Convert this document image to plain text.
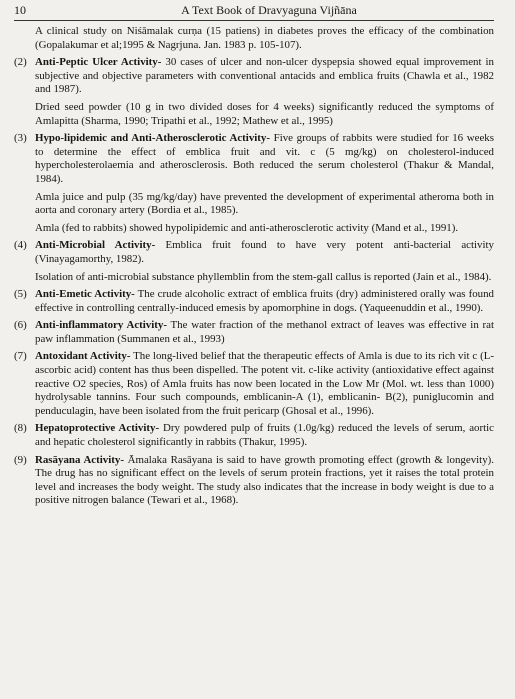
10	A Text Book of Dravyaguna Vijñāna

A clinical study on Niśāmalak curṇa (15 patiens) in diabetes proves the efficacy of the combination (Gopalakumar et al;1995 & Nagrjuna. Jan. 1983 p. 105-107).

(2) Anti-Peptic Ulcer Activity- 30 cases of ulcer and non-ulcer dyspepsia showed equal improvement in subjective and objective parameters with conventional antacids and emblica fruits (Chawla et al., 1982 and 1987).

Dried seed powder (10 g in two divided doses for 4 weeks) significantly reduced the symptoms of Amlapitta (Sharma, 1990; Tripathi et al., 1992; Mathew et al., 1995)

(3) Hypo-lipidemic and Anti-Atherosclerotic Activity- Five groups of rabbits were studied for 16 weeks to determine the effect of emblica fruit and vit. c (5 mg/kg) on cholesterol-induced hypercholesterolaemia and atherosclerosis. Both reduced the serum cholesterol (Thakur & Mandal, 1984).

Amla juice and pulp (35 mg/kg/day) have prevented the development of experimental atheroma both in aorta and coronary artery (Bordia et al., 1985).

Amla (fed to rabbits) showed hypolipidemic and anti-atherosclerotic activity (Mand et al., 1991).

(4) Anti-Microbial Activity- Emblica fruit found to have very potent anti-bacterial activity (Vinayagamorthy, 1982).

Isolation of anti-microbial substance phyllemblin from the stem-gall callus is reported (Jain et al., 1984).

(5) Anti-Emetic Activity- The crude alcoholic extract of emblica fruits (dry) administered orally was found effective in controlling centrally-induced emesis by apomorphine in dogs. (Yaqueenuddin et al., 1990).

(6) Anti-inflammatory Activity- The water fraction of the methanol extract of leaves was effective in rat paw inflammation (Summanen et al., 1993)

(7) Antoxidant Activity- The long-lived belief that the therapeutic effects of Amla is due to its rich vit c (L-ascorbic acid) content has thus been dispelled. The potent vit. c-like activity (antioxidative effect against reactive O2 species, Ros) of Amla fruits has now been located in the Low Mr (Mol. wt. less than 1000) hydrolysable tannins. Four such compounds, emblicanin-A (1), emblicanin- B(2), puniglucomin and penduculagin, have been isolated from the fruit pericarp (Ghosal et al., 1996).

(8) Hepatoprotective Activity- Dry powdered pulp of fruits (1.0g/kg) reduced the levels of serum, aortic and hepatic cholesterol significantly in rabbits (Thakur, 1995).

(9) Rasāyana Activity- Āmalaka Rasāyana is said to have growth promoting effect (growth & longevity). The drug has no significant effect on the levels of serum protein fractions, yet it raises the total protein level and increases the body weight. The study also indicates that the increase in body weight is due to a positive nitrogen balance (Tewari et al., 1968).
